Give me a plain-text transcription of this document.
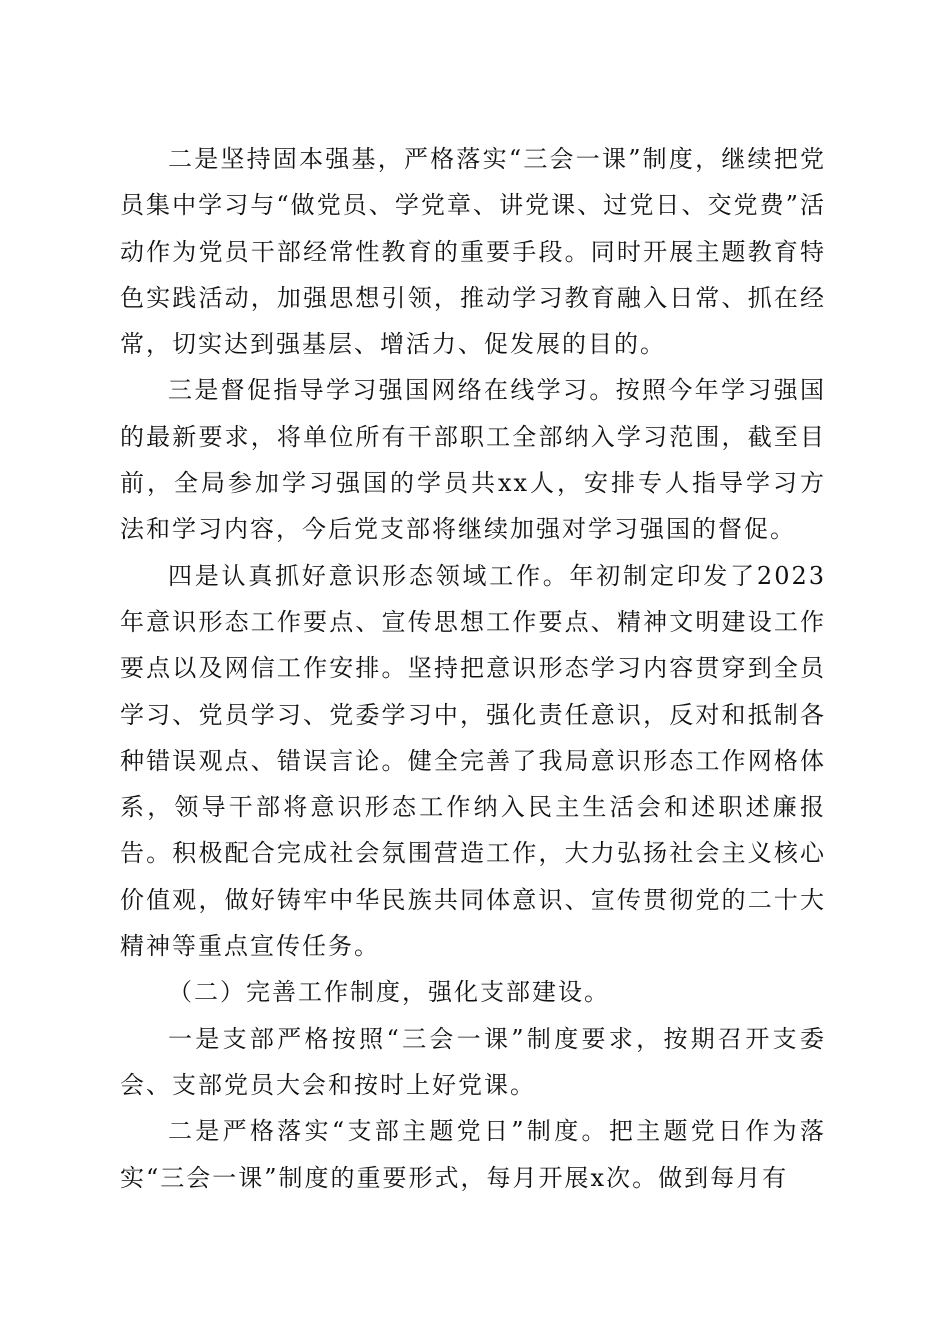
二是坚持固本强基，严格落实“三会一课”制度，继续把党员集中学习与“做党员、学党章、讲党课、过党日、交党费”活动作为党员干部经常性教育的重要手段。同时开展主题教育特色实践活动，加强思想引领，推动学习教育融入日常、抓在经常，切实达到强基层、增活力、促发展的目的。

三是督促指导学习强国网络在线学习。按照今年学习强国的最新要求，将单位所有干部职工全部纳入学习范围，截至目前，全局参加学习强国的学员共xx人，安排专人指导学习方法和学习内容，今后党支部将继续加强对学习强国的督促。

四是认真抓好意识形态领域工作。年初制定印发了2023年意识形态工作要点、宣传思想工作要点、精神文明建设工作要点以及网信工作安排。坚持把意识形态学习内容贯穿到全员学习、党员学习、党委学习中，强化责任意识，反对和抵制各种错误观点、错误言论。健全完善了我局意识形态工作网格体系，领导干部将意识形态工作纳入民主生活会和述职述廉报告。积极配合完成社会氛围营造工作，大力弘扬社会主义核心价值观，做好铸牢中华民族共同体意识、宣传贯彻党的二十大精神等重点宣传任务。

（二）完善工作制度，强化支部建设。

一是支部严格按照“三会一课”制度要求，按期召开支委会、支部党员大会和按时上好党课。

二是严格落实“支部主题党日”制度。把主题党日作为落实“三会一课”制度的重要形式，每月开展x次。做到每月有
